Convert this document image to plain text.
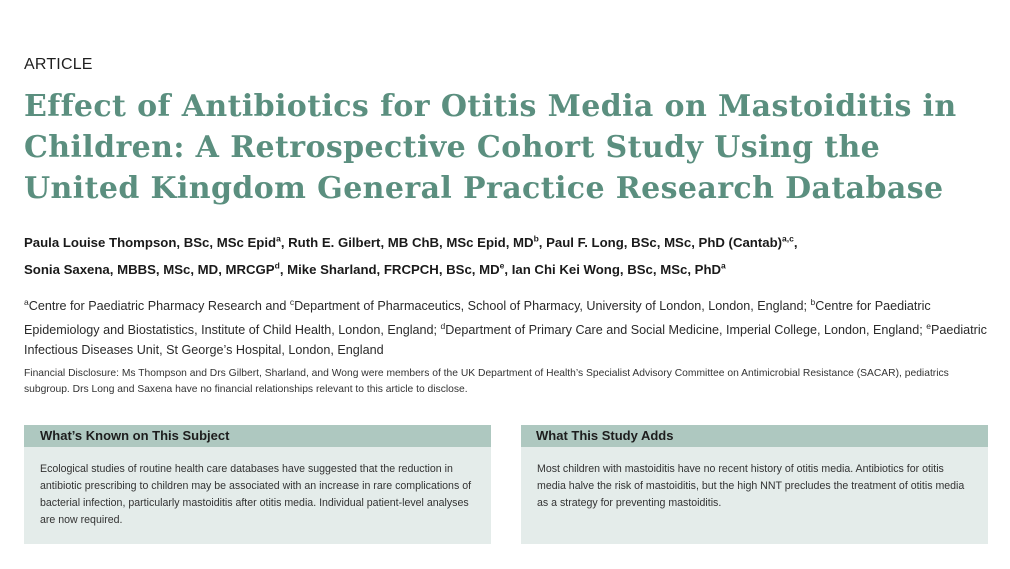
ARTICLE
Effect of Antibiotics for Otitis Media on Mastoiditis in Children: A Retrospective Cohort Study Using the United Kingdom General Practice Research Database
Paula Louise Thompson, BSc, MSc Epid$^a$, Ruth E. Gilbert, MB ChB, MSc Epid, $MD^b$, Paul F. Long, BSc, MSc, PhD (Cantab)$^{a,c}$,
Sonia Saxena, MBBS, MSc, MD, MRCGP$^d$, Mike Sharland, FRCPCH, BSc, MDe, Ian Chi Kei Wong, BSc, MSc, PhD$^a$
$^a$Centre for Paediatric Pharmacy Research and $^c$Department of Pharmaceutics, School of Pharmacy, University of London, London, England; $^b$Centre for Paediatric Epidemiology and Biostatistics, Institute of Child Health, London, England; $^d$Department of Primary Care and Social Medicine, Imperial College, London, England; $^e$Paediatric Infectious Diseases Unit, St George’s Hospital, London, England
Financial Disclosure: Ms Thompson and Drs Gilbert, Sharland, and Wong were members of the UK Department of Health’s Specialist Advisory Committee on Antimicrobial Resistance (SACAR), pediatrics subgroup. Drs Long and Saxena have no financial relationships relevant to this article to disclose.
What’s Known on This Subject
Ecological studies of routine health care databases have suggested that the reduction in antibiotic prescribing to children may be associated with an increase in rare complications of bacterial infection, particularly mastoiditis after otitis media. Individual patient-level analyses are now required.
What This Study Adds
Most children with mastoiditis have no recent history of otitis media. Antibiotics for otitis media halve the risk of mastoiditis, but the high NNT precludes the treatment of otitis media as a strategy for preventing mastoiditis.
